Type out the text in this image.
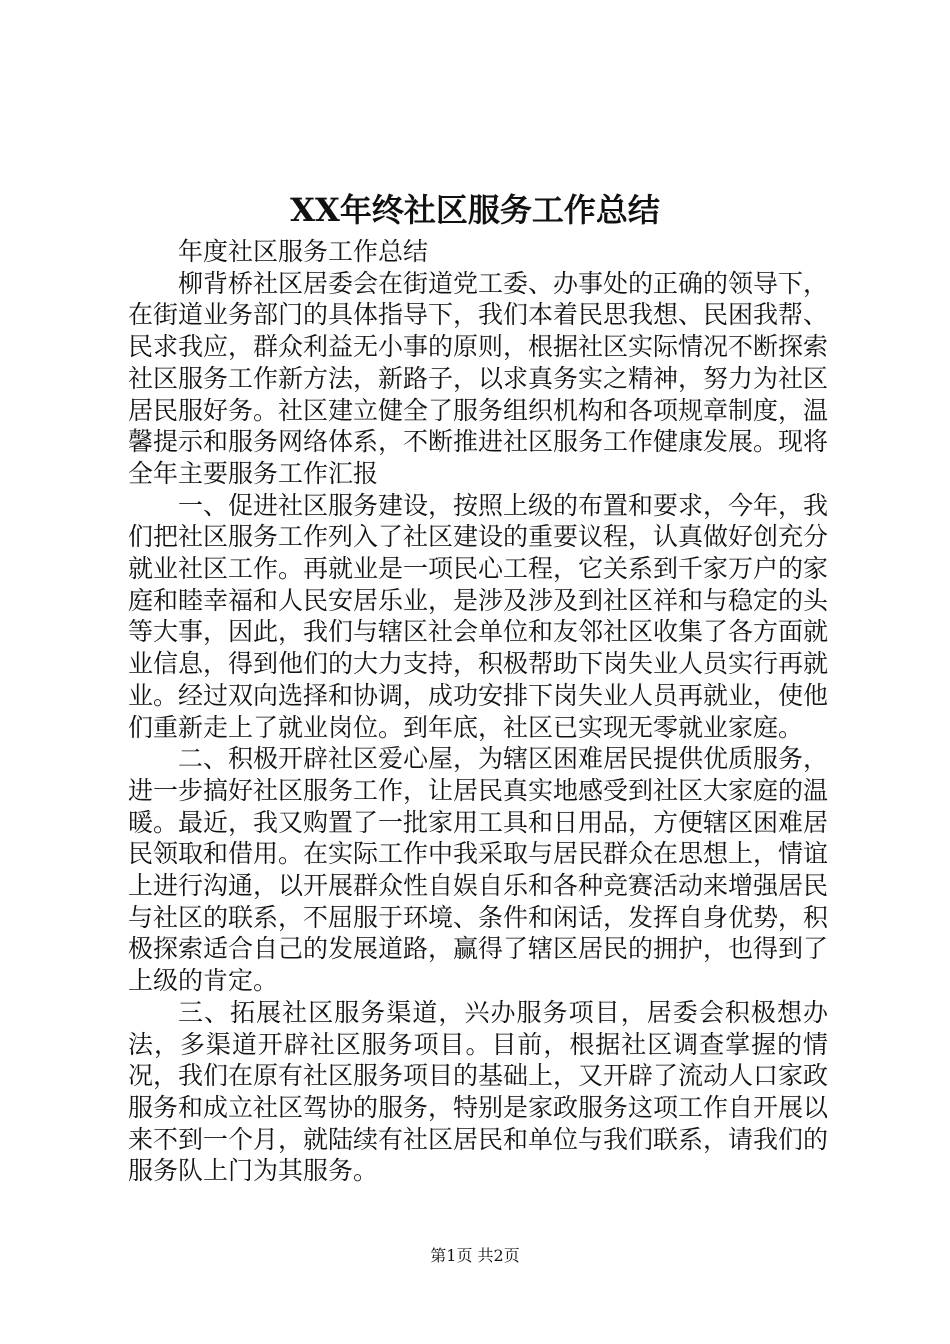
XX年终社区服务工作总结

年度社区服务工作总结

柳背桥社区居委会在街道党工委、办事处的正确的领导下，在街道业务部门的具体指导下，我们本着民思我想、民困我帮、民求我应，群众利益无小事的原则，根据社区实际情况不断探索社区服务工作新方法，新路子，以求真务实之精神，努力为社区居民服好务。社区建立健全了服务组织机构和各项规章制度，温馨提示和服务网络体系，不断推进社区服务工作健康发展。现将全年主要服务工作汇报

一、促进社区服务建设，按照上级的布置和要求，今年，我们把社区服务工作列入了社区建设的重要议程，认真做好创充分就业社区工作。再就业是一项民心工程，它关系到千家万户的家庭和睦幸福和人民安居乐业，是涉及涉及到社区祥和与稳定的头等大事，因此，我们与辖区社会单位和友邻社区收集了各方面就业信息，得到他们的大力支持，积极帮助下岗失业人员实行再就业。经过双向选择和协调，成功安排下岗失业人员再就业，使他们重新走上了就业岗位。到年底，社区已实现无零就业家庭。

二、积极开辟社区爱心屋，为辖区困难居民提供优质服务，进一步搞好社区服务工作，让居民真实地感受到社区大家庭的温暖。最近，我又购置了一批家用工具和日用品，方便辖区困难居民领取和借用。在实际工作中我采取与居民群众在思想上，情谊上进行沟通，以开展群众性自娱自乐和各种竞赛活动来增强居民与社区的联系，不屈服于环境、条件和闲话，发挥自身优势，积极探索适合自己的发展道路，赢得了辖区居民的拥护，也得到了上级的肯定。

三、拓展社区服务渠道，兴办服务项目，居委会积极想办法，多渠道开辟社区服务项目。目前，根据社区调查掌握的情况，我们在原有社区服务项目的基础上，又开辟了流动人口家政服务和成立社区驾协的服务，特别是家政服务这项工作自开展以来不到一个月，就陆续有社区居民和单位与我们联系，请我们的服务队上门为其服务。

第1页 共2页
